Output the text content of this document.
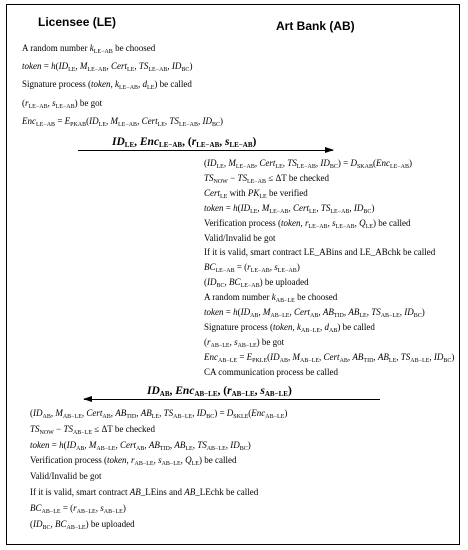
Licensee (LE)	Art Bank (AB)
A random number $k_{LE-AB}$ be choosed
token = $h(ID_{LE}$, $M_{LE-AB}$, Cert$_{LE}$, $TS_{LE-AB}$, $ID_{BC}$)
Signature process (token, $k_{LE-AB}$, $d_{LE}$) be called
($r_{LE-AB}$, $s_{LE-AB}$) be got
$Enc_{LE-AB} = E_{PKAB}(ID_{LE}$, $M_{LE-AB}$, Cert$_{LE}$, $TS_{LE-AB}$, $ID_{BC}$)
$ID_{LE}$, Enc$_{LE-AB}$, ($r_{LE-AB}$, $s_{LE-AB}$)
($ID_{LE}$, $M_{LE-AB}$, Cert$_{LE}$, $TS_{LE-AB}$, $ID_{BC}) = D_{SKAB}(Enc_{LE-AB})$
$TS_{NOW} - TS_{LE-AB} \le \Delta T$ be checked
Cert$_{LE}$ with $PK_{LE}$ be verified
token = $h(ID_{LE}$, $M_{LE-AB}$, Cert$_{LE}$, $TS_{LE-AB}$, $ID_{BC}$)
Verification process (token, $r_{LE-AB}$, $s_{LE-AB}$, $Q_{LE}$) be called
Valid/Invalid be got
If it is valid, smart contract LE_ABins and LE_ABchk be called
$BC_{LE-AB} = (r_{LE-AB}$, $s_{LE-AB}$)
($ID_{BC}$, $BC_{LE-AB}$) be uploaded
A random number $k_{AB-LE}$ be choosed
token = $h(ID_{AB}$, $M_{AB-LE}$, Cert$_{AB}$, $AB_{TID}$, $AB_{LE}$, $TS_{AB-LE}$, $ID_{BC}$)
Signature process (token, $k_{AB-LE}$, $d_{AB}$) be called
($r_{AB-LE}$, $s_{AB-LE}$) be got
$Enc_{AB-LE} = E_{PKLE}(ID_{AB}$, $M_{AB-LE}$, Cert$_{AB}$, $AB_{TID}$, $AB_{LE}$, $TS_{AB-LE}$, $ID_{BC}$)
CA communication process be called
$ID_{AB}$, Enc$_{AB-LE}$, ($r_{AB-LE}$, $s_{AB-LE}$)
($ID_{AB}$, $M_{AB-LE}$, Cert$_{AB}$, $AB_{TID}$, $AB_{LE}$, $TS_{AB-LE}$, $ID_{BC}) = D_{SKLE}(Enc_{AB-LE})$
$TS_{NOW} - TS_{AB-LE} \le \Delta T$ be checked
token = $h(ID_{AB}$, $M_{AB-LE}$, Cert$_{AB}$, $AB_{TID}$, $AB_{LE}$, $TS_{AB-LE}$, $ID_{BC}$)
Verification process (token, $r_{AB-LE}$, $s_{AB-LE}$, $Q_{LE}$) be called
Valid/Invalid be got
If it is valid, smart contract AB_LEins and AB_LEchk be called
$BC_{AB-LE} = (r_{AB-LE}$, $s_{AB-LE}$)
($ID_{BC}$, $BC_{AB-LE}$) be uploaded
